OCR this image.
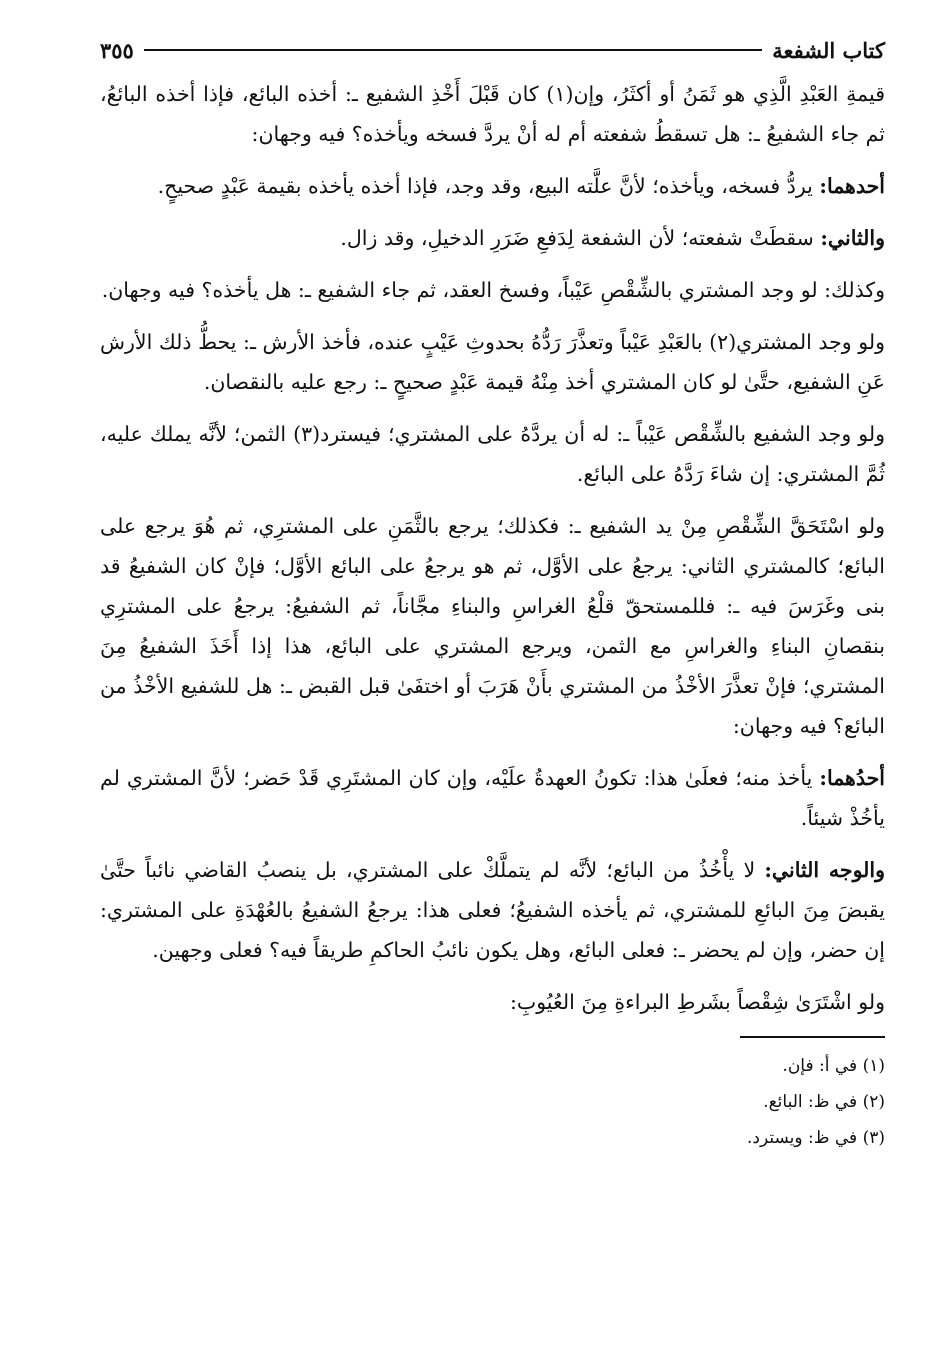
كتاب الشفعة
٣٥٥

قيمةِ العَبْدِ الَّذِي هو ثَمَنُ أو أكثَرُ، وإن(١) كان قَبْلَ أَخْذِ الشفيع ـ: أخذه البائع، فإذا أخذه البائعُ، ثم جاء الشفيعُ ـ: هل تسقطُ شفعته أم له أنْ يردَّ فسخه ويأخذه؟ فيه وجهان:

أحدهما: يردُّ فسخه، ويأخذه؛ لأنَّ علَّته البيع، وقد وجد، فإذا أخذه يأخذه بقيمة عَبْدٍ صحيحٍ.

والثاني: سقطَتْ شفعته؛ لأن الشفعة لِدَفعِ ضَرَرِ الدخيلِ، وقد زال.

وكذلك: لو وجد المشتري بالشِّقْصِ عَيْباً، وفسخ العقد، ثم جاء الشفيع ـ: هل يأخذه؟ فيه وجهان.

ولو وجد المشتري(٢) بالعَبْدِ عَيْباً وتعذَّرَ رَدُّهُ بحدوثِ عَيْبٍ عنده، فأخذ الأرش ـ: يحطُّ ذلك الأرش عَنِ الشفيع، حتَّىٰ لو كان المشتري أخذ مِنْهُ قيمة عَبْدٍ صحيحٍ ـ: رجع عليه بالنقصان.

ولو وجد الشفيع بالشِّقْص عَيْباً ـ: له أن يردَّهُ على المشتري؛ فيسترد(٣) الثمن؛ لأنَّه يملك عليه، ثُمَّ المشتري: إن شاءَ رَدَّهُ على البائع.

ولو اسْتَحَقَّ الشِّقْصِ مِنْ يد الشفيع ـ: فكذلك؛ يرجع بالثَّمَنِ على المشترِي، ثم هُوَ يرجع على البائع؛ كالمشتري الثاني: يرجعُ على الأوَّل، ثم هو يرجعُ على البائع الأوَّل؛ فإنْ كان الشفيعُ قد بنى وغَرَسَ فيه ـ: فللمستحقّ قلْعُ الغراسِ والبناءِ مجَّاناً، ثم الشفيعُ: يرجعُ على المشترِي بنقصانِ البناءِ والغراسِ مع الثمن، ويرجع المشتري على البائع، هذا إذا أَخَذَ الشفيعُ مِنَ المشتري؛ فإنْ تعذَّرَ الأخْذُ من المشتري بأَنْ هَرَبَ أو اختفَىٰ قبل القبض ـ: هل للشفيع الأخْذُ من البائع؟ فيه وجهان:

أحدُهما: يأخذ منه؛ فعلَىٰ هذا: تكونُ العهدةُ علَيْه، وإن كان المشتَرِي قَدْ حَضر؛ لأنَّ المشتري لم يأخُذْ شيئاً.

والوجه الثاني: لا يأْخُذُ من البائع؛ لأنَّه لم يتملَّكْ على المشتري، بل ينصبُ القاضي نائباً حتَّىٰ يقبضَ مِنَ البائعِ للمشتري، ثم يأخذه الشفيعُ؛ فعلى هذا: يرجعُ الشفيعُ بالعُهْدَةِ على المشتري: إن حضر، وإن لم يحضر ـ: فعلى البائع، وهل يكون نائبُ الحاكمِ طريقاً فيه؟ فعلى وجهين.

ولو اشْتَرَىٰ شِقْصاً بشَرطِ البراءةِ مِنَ العُيُوبِ:

(١) في أ: فإن.
(٢) في ظ: البائع.
(٣) في ظ: ويسترد.
